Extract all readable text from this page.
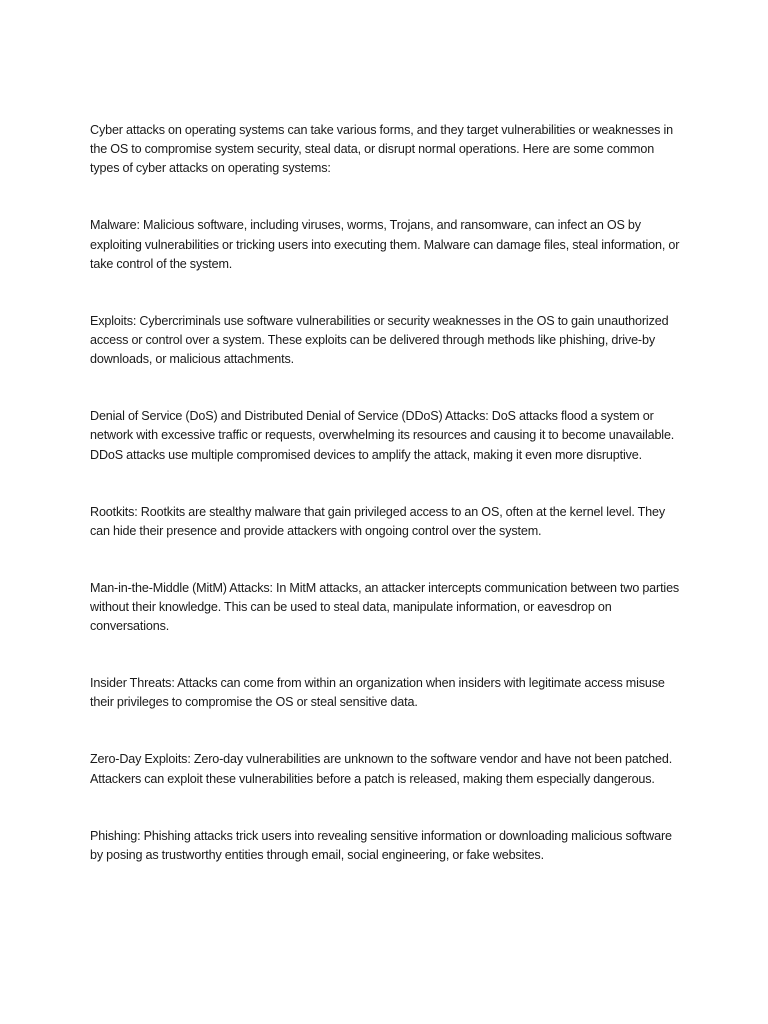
Cyber attacks on operating systems can take various forms, and they target vulnerabilities or weaknesses in the OS to compromise system security, steal data, or disrupt normal operations. Here are some common types of cyber attacks on operating systems:

Malware: Malicious software, including viruses, worms, Trojans, and ransomware, can infect an OS by exploiting vulnerabilities or tricking users into executing them. Malware can damage files, steal information, or take control of the system.

Exploits: Cybercriminals use software vulnerabilities or security weaknesses in the OS to gain unauthorized access or control over a system. These exploits can be delivered through methods like phishing, drive-by downloads, or malicious attachments.

Denial of Service (DoS) and Distributed Denial of Service (DDoS) Attacks: DoS attacks flood a system or network with excessive traffic or requests, overwhelming its resources and causing it to become unavailable. DDoS attacks use multiple compromised devices to amplify the attack, making it even more disruptive.

Rootkits: Rootkits are stealthy malware that gain privileged access to an OS, often at the kernel level. They can hide their presence and provide attackers with ongoing control over the system.

Man-in-the-Middle (MitM) Attacks: In MitM attacks, an attacker intercepts communication between two parties without their knowledge. This can be used to steal data, manipulate information, or eavesdrop on conversations.

Insider Threats: Attacks can come from within an organization when insiders with legitimate access misuse their privileges to compromise the OS or steal sensitive data.

Zero-Day Exploits: Zero-day vulnerabilities are unknown to the software vendor and have not been patched. Attackers can exploit these vulnerabilities before a patch is released, making them especially dangerous.

Phishing: Phishing attacks trick users into revealing sensitive information or downloading malicious software by posing as trustworthy entities through email, social engineering, or fake websites.
